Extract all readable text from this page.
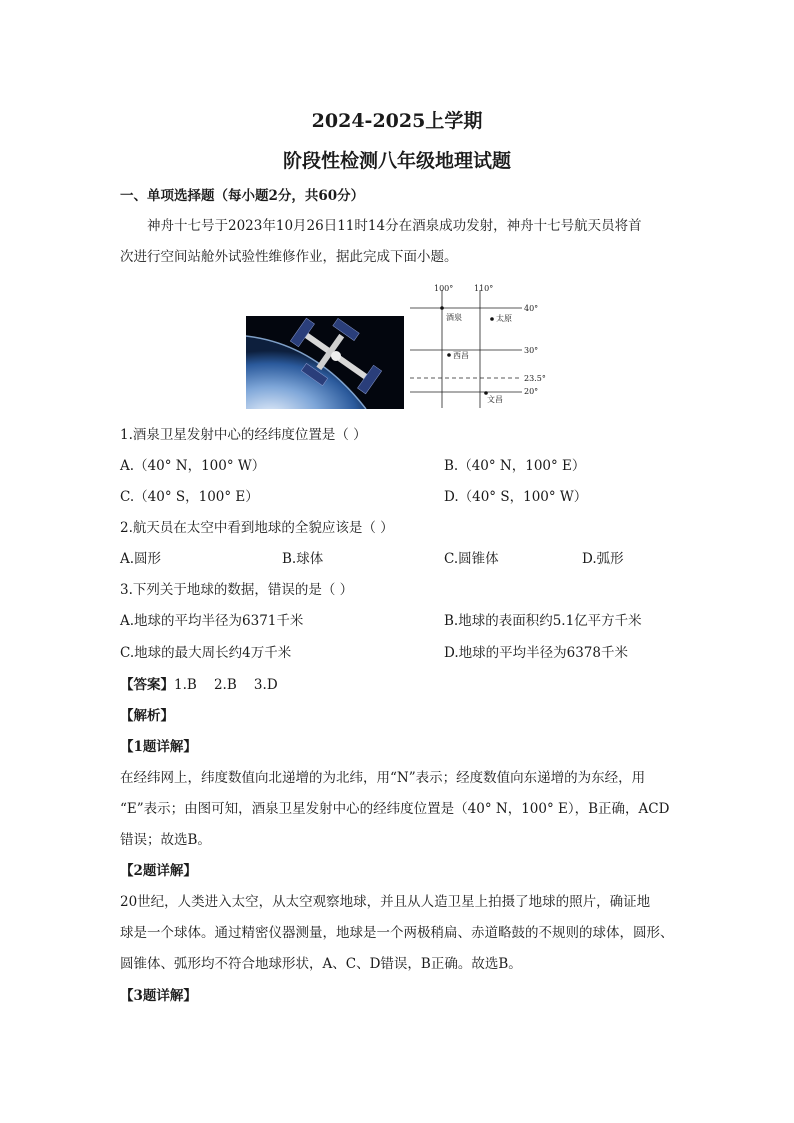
2024-2025上学期
阶段性检测八年级地理试题
一、单项选择题（每小题2分，共60分）
神舟十七号于2023年10月26日11时14分在酒泉成功发射，神舟十七号航天员将首
次进行空间站舱外试验性维修作业，据此完成下面小题。
100°	110°
40°
30°
23.5°
20°
酒泉	太原
西昌
文昌
1.酒泉卫星发射中心的经纬度位置是（ ）
A.（40° N，100° W）	B.（40° N，100° E）
C.（40° S，100° E）	D.（40° S，100° W）
2.航天员在太空中看到地球的全貌应该是（ ）
A.圆形	B.球体	C.圆锥体	D.弧形
3.下列关于地球的数据，错误的是（ ）
A.地球的平均半径为6371千米	B.地球的表面积约5.1亿平方千米
C.地球的最大周长约4万千米	D.地球的平均半径为6378千米
【答案】1.B    2.B    3.D
【解析】
【1题详解】
在经纬网上，纬度数值向北递增的为北纬，用“N”表示；经度数值向东递增的为东经，用
“E”表示；由图可知，酒泉卫星发射中心的经纬度位置是（40° N，100° E），B正确，ACD
错误；故选B。
【2题详解】
20世纪，人类进入太空，从太空观察地球，并且从人造卫星上拍摄了地球的照片，确证地
球是一个球体。通过精密仪器测量，地球是一个两极稍扁、赤道略鼓的不规则的球体，圆形、
圆锥体、弧形均不符合地球形状，A、C、D错误，B正确。故选B。
【3题详解】
